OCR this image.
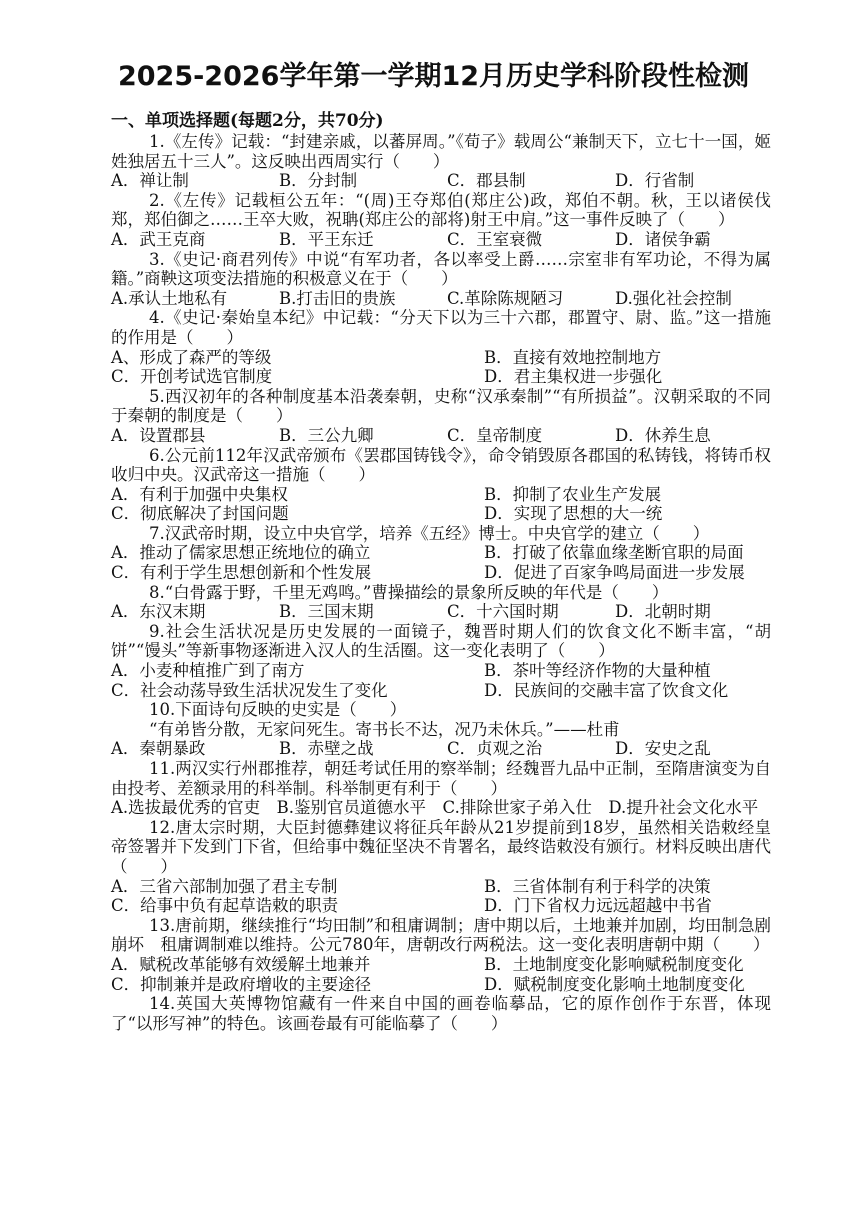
2025-2026学年第一学期12月历史学科阶段性检测
一、单项选择题(每题2分，共70分)

1.《左传》记载：“封建亲戚，以蕃屏周。”《荀子》载周公“兼制天下，立七十一国，姬姓独居五十三人”。这反映出西周实行（　　）

A．禅让制	B．分封制	C．郡县制	D．行省制

2.《左传》记载桓公五年：“(周)王夺郑伯(郑庄公)政，郑伯不朝。秋，王以诸侯伐郑，郑伯御之……王卒大败，祝聃(郑庄公的部将)射王中肩。”这一事件反映了（　　）

A．武王克商	B．平王东迁	C．王室衰微	D．诸侯争霸

3.《史记·商君列传》中说“有军功者，各以率受上爵……宗室非有军功论，不得为属籍。”商鞅这项变法措施的积极意义在于（　　）

A.承认土地私有	B.打击旧的贵族	C.革除陈规陋习	D.强化社会控制

4.《史记·秦始皇本纪》中记载：“分天下以为三十六郡，郡置守、尉、监。”这一措施的作用是（　　）

A、形成了森严的等级	B．直接有效地控制地方
C．开创考试选官制度	D．君主集权进一步强化

5.西汉初年的各种制度基本沿袭秦朝，史称“汉承秦制”“有所损益”。汉朝采取的不同于秦朝的制度是（　　）

A．设置郡县	B．三公九卿	C．皇帝制度	D．休养生息

6.公元前112年汉武帝颁布《罢郡国铸钱令》，命令销毁原各郡国的私铸钱，将铸币权收归中央。汉武帝这一措施（　　）

A．有利于加强中央集权	B．抑制了农业生产发展
C．彻底解决了封国问题	D．实现了思想的大一统

7.汉武帝时期，设立中央官学，培养《五经》博士。中央官学的建立（　　）

A．推动了儒家思想正统地位的确立	B．打破了依靠血缘垄断官职的局面
C．有利于学生思想创新和个性发展	D．促进了百家争鸣局面进一步发展

8.“白骨露于野，千里无鸡鸣。”曹操描绘的景象所反映的年代是（　　）

A．东汉末期	B．三国末期	C．十六国时期	D．北朝时期

9.社会生活状况是历史发展的一面镜子，魏晋时期人们的饮食文化不断丰富，“胡饼”“馒头”等新事物逐渐进入汉人的生活圈。这一变化表明了（　　）

A．小麦种植推广到了南方	B．茶叶等经济作物的大量种植
C．社会动荡导致生活状况发生了变化	D．民族间的交融丰富了饮食文化

10.下面诗句反映的史实是（　　）

“有弟皆分散，无家问死生。寄书长不达，况乃未休兵。”——杜甫

A．秦朝暴政	B．赤壁之战	C．贞观之治	D．安史之乱

11.两汉实行州郡推荐，朝廷考试任用的察举制；经魏晋九品中正制，至隋唐演变为自由投考、差额录用的科举制。科举制更有利于（　　）

A.选拔最优秀的官吏　 B.鉴别官员道德水平　 C.排除世家子弟入仕　 D.提升社会文化水平

12.唐太宗时期，大臣封德彝建议将征兵年龄从21岁提前到18岁，虽然相关诰敕经皇帝签署并下发到门下省，但给事中魏征坚决不肯署名，最终诰敕没有颁行。材料反映出唐代（　　）

A．三省六部制加强了君主专制	B．三省体制有利于科学的决策
C．给事中负有起草诰敕的职责	D．门下省权力远远超越中书省

13.唐前期，继续推行“均田制”和租庸调制；唐中期以后，土地兼并加剧，均田制急剧崩坏　租庸调制难以维持。公元780年，唐朝改行两税法。这一变化表明唐朝中期（　　）

A．赋税改革能够有效缓解土地兼并	B．土地制度变化影响赋税制度变化
C．抑制兼并是政府增收的主要途径	D．赋税制度变化影响土地制度变化

14.英国大英博物馆藏有一件来自中国的画卷临摹品，它的原作创作于东晋，体现了“以形写神”的特色。该画卷最有可能临摹了（　　）
